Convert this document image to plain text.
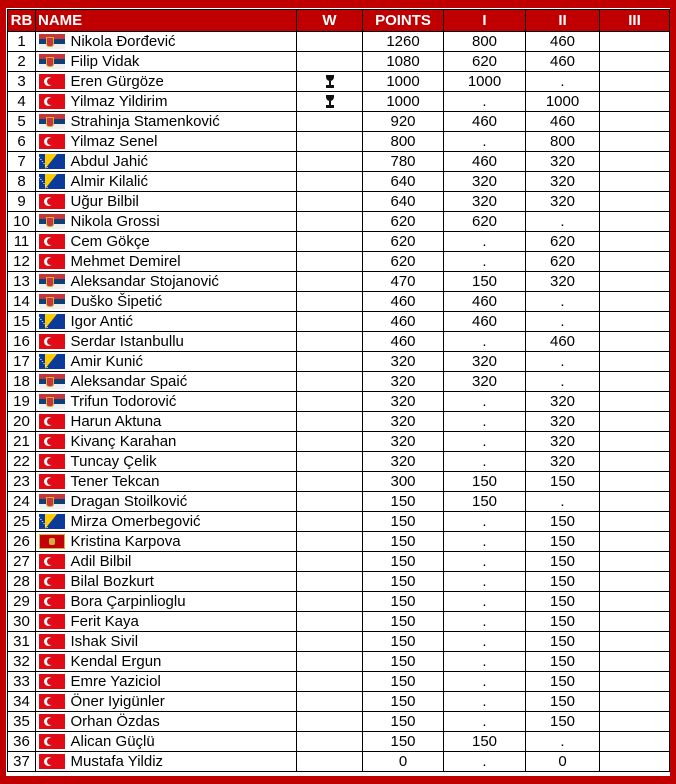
RB	NAME		W	POINTS	I	II	III
1		Nikola Đorđević		1260	800	460	
2		Filip Vidak		1080	620	460	
3		Eren Gürgöze		1000	1000	.	
4		Yilmaz Yildirim		1000	.	1000	
5		Strahinja Stamenković		920	460	460	
6		Yilmaz Senel		800	.	800	
7		Abdul Jahić		780	460	320	
8		Almir Kilalić		640	320	320	
9		Uğur Bilbil		640	320	320	
10		Nikola Grossi		620	620	.	
11		Cem Gökçe		620	.	620	
12		Mehmet Demirel		620	.	620	
13		Aleksandar Stojanović		470	150	320	
14		Duško Šipetić		460	460	.	
15		Igor Antić		460	460	.	
16		Serdar Istanbullu		460	.	460	
17		Amir Kunić		320	320	.	
18		Aleksandar Spaić		320	320	.	
19		Trifun Todorović		320	.	320	
20		Harun Aktuna		320	.	320	
21		Kivanç Karahan		320	.	320	
22		Tuncay Çelik		320	.	320	
23		Tener Tekcan		300	150	150	
24		Dragan Stoilković		150	150	.	
25		Mirza Omerbegović		150	.	150	
26		Kristina Karpova		150	.	150	
27		Adil Bilbil		150	.	150	
28		Bilal Bozkurt		150	.	150	
29		Bora Çarpinlioglu		150	.	150	
30		Ferit Kaya		150	.	150	
31		Ishak Sivil		150	.	150	
32		Kendal Ergun		150	.	150	
33		Emre Yaziciol		150	.	150	
34		Öner Iyigünler		150	.	150	
35		Orhan Özdas		150	.	150	
36		Alican Güçlü		150	150	.	
37		Mustafa Yildiz		0	.	0	
